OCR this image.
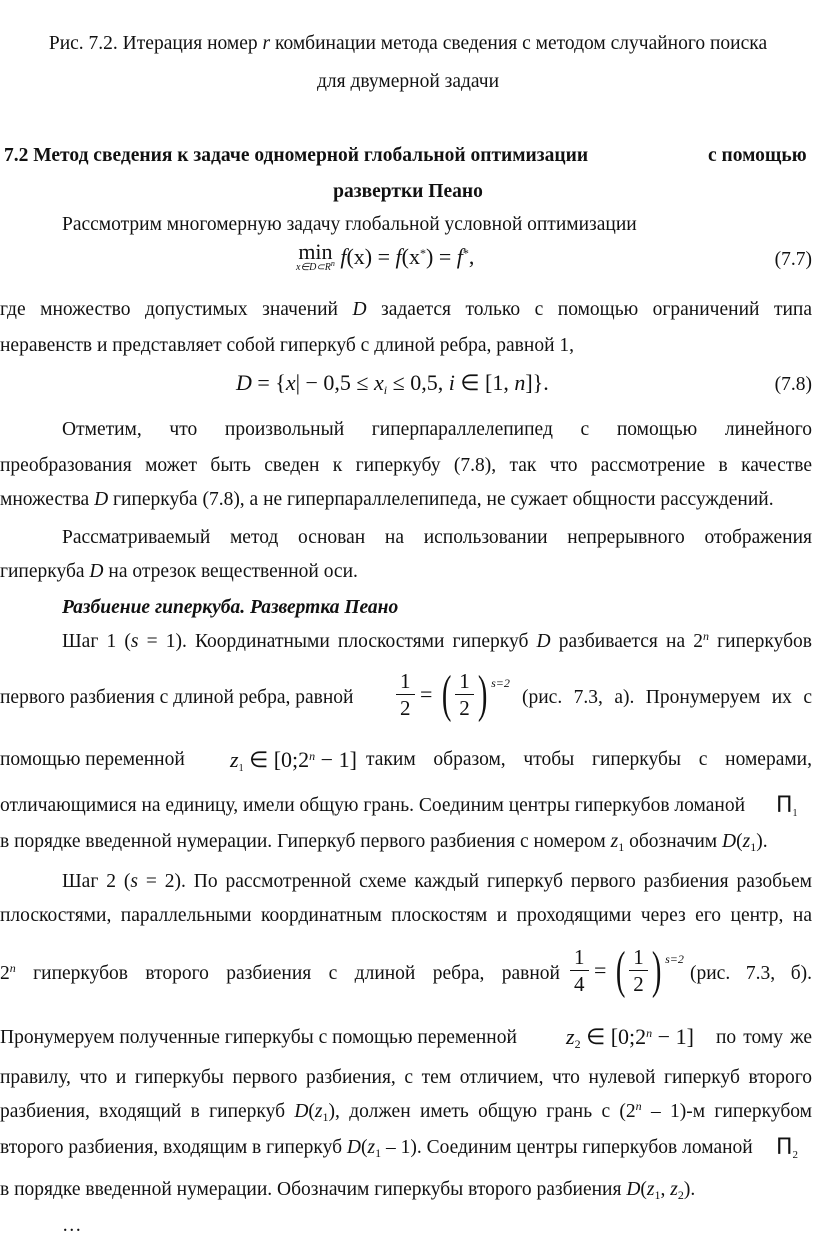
Рис. 7.2. Итерация номер r комбинации метода сведения с методом случайного поиска
для двумерной задачи
7.2 Метод сведения к задаче одномерной глобальной оптимизации	с помощью
развертки Пеано
Рассмотрим многомерную задачу глобальной условной оптимизации
min
$x\in D\subset R^n$ f(x) = f(x*) = f*,	(7.7)
где множество допустимых значений D задается только с помощью ограничений типа
неравенств и представляет собой гиперкуб с длиной ребра, равной 1,
$D = \{x| - 0,5 \le x_i \le 0,5$, i ∈ [1, n]}.	(7.8)
Отметим, что произвольный гиперпараллелепипед с помощью линейного
преобразования может быть сведен к гиперкубу (7.8), так что рассмотрение в качестве
множества D гиперкуба (7.8), а не гиперпараллелепипеда, не сужает общности рассуждений.
Рассматриваемый метод основан на использовании непрерывного отображения
гиперкуба D на отрезок вещественной оси.
Разбиение гиперкуба. Развертка Пеано
Шаг 1 (s = 1). Координатными плоскостями гиперкуб D разбивается на 2$^n$ гиперкубов
первого разбиения с длиной ребра, равной $\frac{1}{2}$ = ( $\frac{1}{2}$ ) $^{s=2}$
(рис. 7.3, а). Пронумеруем их с
помощью переменной $z_1$ ∈ $[0;2^n - 1]$ таким образом, чтобы гиперкубы с номерами,
отличающимися на единицу, имели общую грань. Соединим центры гиперкубов ломаной $\Pi_1$
в порядке введенной нумерации. Гиперкуб первого разбиения с номером $z_1$ обозначим $D(z_1)$.
Шаг 2 (s = 2). По рассмотренной схеме каждый гиперкуб первого разбиения разобьем
плоскостями, параллельными координатным плоскостям и проходящими через его центр, на
2$^n$ гиперкубов второго разбиения с длиной ребра, равной $\frac{1}{4}$ = ( $\frac{1}{2}$ ) $^{s=2}$
(рис. 7.3, б).
Пронумеруем полученные гиперкубы с помощью переменной $z_2$ ∈ $[0;2^n - 1]$ по тому же
правилу, что и гиперкубы первого разбиения, с тем отличием, что нулевой гиперкуб второго
разбиения, входящий в гиперкуб $D(z_1)$, должен иметь общую грань с (2$^n$ – 1)-м гиперкубом
второго разбиения, входящим в гиперкуб $D(z_1 - 1)$. Соединим центры гиперкубов ломаной $\Pi_2$
в порядке введенной нумерации. Обозначим гиперкубы второго разбиения $D(z_1$, $z_2$).
…
